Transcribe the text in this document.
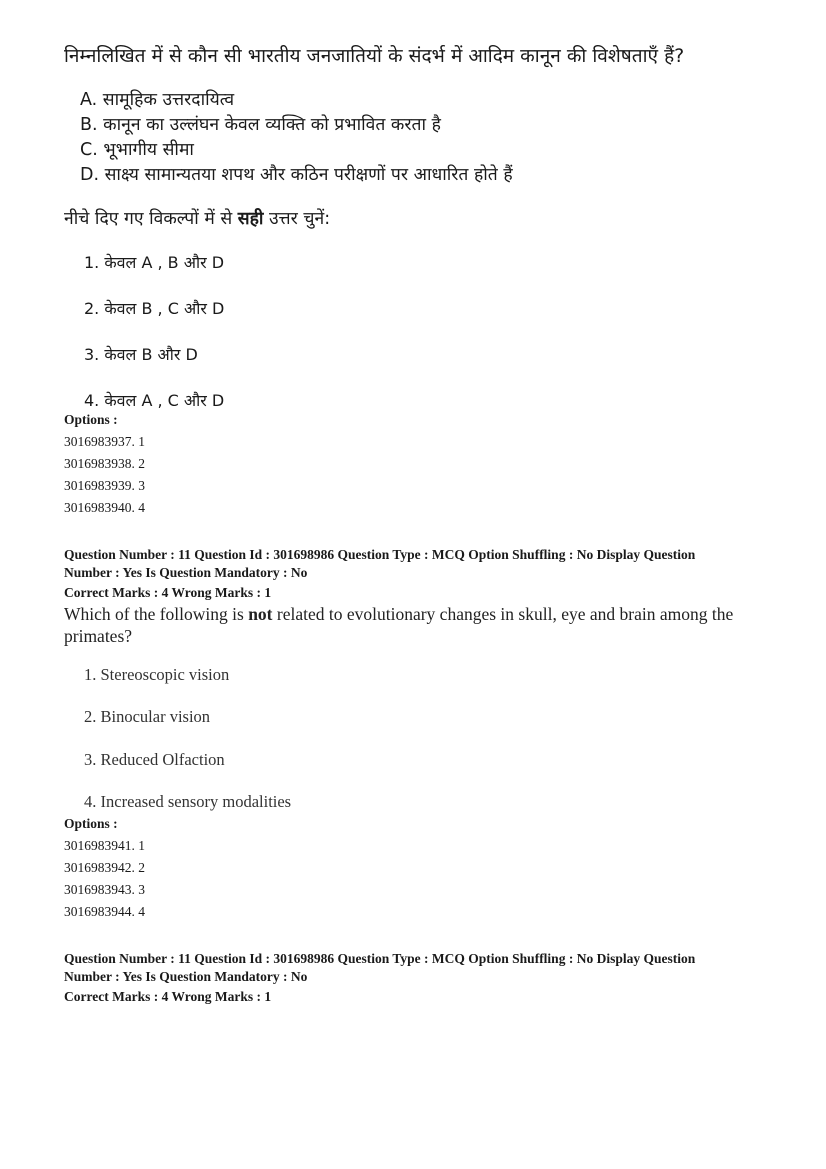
निम्नलिखित में से कौन सी भारतीय जनजातियों के संदर्भ में आदिम कानून की विशेषताएँ हैं?
A. सामूहिक उत्तरदायित्व
B. कानून का उल्लंघन केवल व्यक्ति को प्रभावित करता है
C. भूभागीय सीमा
D. साक्ष्य सामान्यतया शपथ और कठिन परीक्षणों पर आधारित होते हैं
नीचे दिए गए विकल्पों में से सही उत्तर चुनें:
1. केवल A , B और D
2. केवल B , C और D
3. केवल B और D
4. केवल A , C और D
Options :
3016983937. 1
3016983938. 2
3016983939. 3
3016983940. 4
Question Number : 11 Question Id : 301698986 Question Type : MCQ Option Shuffling : No Display Question
Number : Yes Is Question Mandatory : No
Correct Marks : 4 Wrong Marks : 1
Which of the following is not related to evolutionary changes in skull, eye and brain among the
primates?
1. Stereoscopic vision
2. Binocular vision
3. Reduced Olfaction
4. Increased sensory modalities
Options :
3016983941. 1
3016983942. 2
3016983943. 3
3016983944. 4
Question Number : 11 Question Id : 301698986 Question Type : MCQ Option Shuffling : No Display Question
Number : Yes Is Question Mandatory : No
Correct Marks : 4 Wrong Marks : 1
